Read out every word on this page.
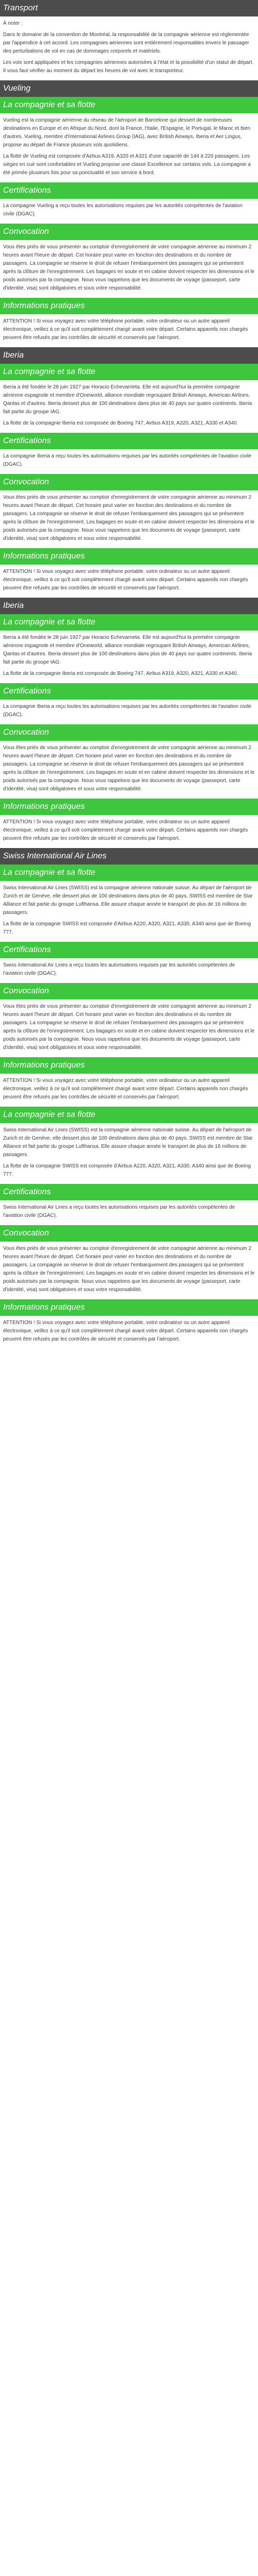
Transport

À noter :

Dans le domaine de la convention de Montréal, la responsabilité de la compagnie aérienne est réglementée par l'appendice à cet accord. Les compagnies aériennes sont entièrement responsables envers le passager des perturbations de vol en cas de dommages corporels et matériels.

Les voix sont appliquées et les compagnies aériennes autorisées à l'état et la possibilité d'un statut de départ. Il vous faut vérifier au moment du départ les heures de vol avec le transporteur.

Vueling
La compagnie et sa flotte

Vueling est la compagnie aérienne du réseau de l'aéroport de Barcelone qui dessert de nombreuses destinations en Europe et en Afrique du Nord, dont la France, l'Italie, l'Espagne, le Portugal, le Maroc et bien d'autres. Vueling, membre d'International Airlines Group (IAG), avec British Airways, Iberia et Aer Lingus, propose au départ de France plusieurs vols quotidiens.

La flotte de Vueling est composée d'Airbus A319, A320 et A321 d'une capacité de 144 à 220 passagers. Les sièges en cuir sont confortables et Vueling propose une classe Excellence sur certains vols. La compagnie a été primée plusieurs fois pour sa ponctualité et son service à bord.

Certifications

La compagnie Vueling a reçu toutes les autorisations requises par les autorités compétentes de l'aviation civile (DGAC).

Convocation

Vous êtes priés de vous présenter au comptoir d'enregistrement de votre compagnie aérienne au minimum 2 heures avant l'heure de départ. Cet horaire peut varier en fonction des destinations et du nombre de passagers. La compagnie se réserve le droit de refuser l'embarquement des passagers qui se présentent après la clôture de l'enregistrement. Les bagages en soute et en cabine doivent respecter les dimensions et le poids autorisés par la compagnie. Nous vous rappelons que les documents de voyage (passeport, carte d'identité, visa) sont obligatoires et sous votre responsabilité.

Informations pratiques

ATTENTION ! Si vous voyagez avec votre téléphone portable, votre ordinateur ou un autre appareil électronique, veillez à ce qu'il soit complètement chargé avant votre départ. Certains appareils non chargés peuvent être refusés par les contrôles de sécurité et conservés par l'aéroport.

Iberia
La compagnie et sa flotte

Iberia a été fondée le 28 juin 1927 par Horacio Echevarrieta. Elle est aujourd'hui la première compagnie aérienne espagnole et membre d'Oneworld, alliance mondiale regroupant British Airways, American Airlines, Qantas et d'autres. Iberia dessert plus de 100 destinations dans plus de 40 pays sur quatre continents. Iberia fait partie du groupe IAG.

La flotte de la compagnie Iberia est composée de Boeing 747, Airbus A319, A320, A321, A330 et A340.

Certifications

La compagnie Iberia a reçu toutes les autorisations requises par les autorités compétentes de l'aviation civile (DGAC).

Convocation

Vous êtes priés de vous présenter au comptoir d'enregistrement de votre compagnie aérienne au minimum 2 heures avant l'heure de départ. Cet horaire peut varier en fonction des destinations et du nombre de passagers. La compagnie se réserve le droit de refuser l'embarquement des passagers qui se présentent après la clôture de l'enregistrement. Les bagages en soute et en cabine doivent respecter les dimensions et le poids autorisés par la compagnie. Nous vous rappelons que les documents de voyage (passeport, carte d'identité, visa) sont obligatoires et sous votre responsabilité.

Informations pratiques

ATTENTION ! Si vous voyagez avec votre téléphone portable, votre ordinateur ou un autre appareil électronique, veillez à ce qu'il soit complètement chargé avant votre départ. Certains appareils non chargés peuvent être refusés par les contrôles de sécurité et conservés par l'aéroport.

Iberia
La compagnie et sa flotte

Iberia a été fondée le 28 juin 1927 par Horacio Echevarrieta. Elle est aujourd'hui la première compagnie aérienne espagnole et membre d'Oneworld, alliance mondiale regroupant British Airways, American Airlines, Qantas et d'autres. Iberia dessert plus de 100 destinations dans plus de 40 pays sur quatre continents. Iberia fait partie du groupe IAG.

La flotte de la compagnie Iberia est composée de Boeing 747, Airbus A319, A320, A321, A330 et A340.

Certifications

La compagnie Iberia a reçu toutes les autorisations requises par les autorités compétentes de l'aviation civile (DGAC).

Convocation

Vous êtes priés de vous présenter au comptoir d'enregistrement de votre compagnie aérienne au minimum 2 heures avant l'heure de départ. Cet horaire peut varier en fonction des destinations et du nombre de passagers. La compagnie se réserve le droit de refuser l'embarquement des passagers qui se présentent après la clôture de l'enregistrement. Les bagages en soute et en cabine doivent respecter les dimensions et le poids autorisés par la compagnie. Nous vous rappelons que les documents de voyage (passeport, carte d'identité, visa) sont obligatoires et sous votre responsabilité.

Informations pratiques

ATTENTION ! Si vous voyagez avec votre téléphone portable, votre ordinateur ou un autre appareil électronique, veillez à ce qu'il soit complètement chargé avant votre départ. Certains appareils non chargés peuvent être refusés par les contrôles de sécurité et conservés par l'aéroport.

Swiss International Air Lines
La compagnie et sa flotte

Swiss International Air Lines (SWISS) est la compagnie aérienne nationale suisse. Au départ de l'aéroport de Zurich et de Genève, elle dessert plus de 100 destinations dans plus de 40 pays. SWISS est membre de Star Alliance et fait partie du groupe Lufthansa. Elle assure chaque année le transport de plus de 16 millions de passagers.

La flotte de la compagnie SWISS est composée d'Airbus A220, A320, A321, A330, A340 ainsi que de Boeing 777.

Certifications

Swiss International Air Lines a reçu toutes les autorisations requises par les autorités compétentes de l'aviation civile (DGAC).

Convocation

Vous êtes priés de vous présenter au comptoir d'enregistrement de votre compagnie aérienne au minimum 2 heures avant l'heure de départ. Cet horaire peut varier en fonction des destinations et du nombre de passagers. La compagnie se réserve le droit de refuser l'embarquement des passagers qui se présentent après la clôture de l'enregistrement. Les bagages en soute et en cabine doivent respecter les dimensions et le poids autorisés par la compagnie. Nous vous rappelons que les documents de voyage (passeport, carte d'identité, visa) sont obligatoires et sous votre responsabilité.

Informations pratiques

ATTENTION ! Si vous voyagez avec votre téléphone portable, votre ordinateur ou un autre appareil électronique, veillez à ce qu'il soit complètement chargé avant votre départ. Certains appareils non chargés peuvent être refusés par les contrôles de sécurité et conservés par l'aéroport.

La compagnie et sa flotte

Swiss International Air Lines (SWISS) est la compagnie aérienne nationale suisse. Au départ de l'aéroport de Zurich et de Genève, elle dessert plus de 100 destinations dans plus de 40 pays. SWISS est membre de Star Alliance et fait partie du groupe Lufthansa. Elle assure chaque année le transport de plus de 16 millions de passagers.

La flotte de la compagnie SWISS est composée d'Airbus A220, A320, A321, A330, A340 ainsi que de Boeing 777.

Certifications

Swiss International Air Lines a reçu toutes les autorisations requises par les autorités compétentes de l'aviation civile (DGAC).

Convocation

Vous êtes priés de vous présenter au comptoir d'enregistrement de votre compagnie aérienne au minimum 2 heures avant l'heure de départ. Cet horaire peut varier en fonction des destinations et du nombre de passagers. La compagnie se réserve le droit de refuser l'embarquement des passagers qui se présentent après la clôture de l'enregistrement. Les bagages en soute et en cabine doivent respecter les dimensions et le poids autorisés par la compagnie. Nous vous rappelons que les documents de voyage (passeport, carte d'identité, visa) sont obligatoires et sous votre responsabilité.

Informations pratiques

ATTENTION ! Si vous voyagez avec votre téléphone portable, votre ordinateur ou un autre appareil électronique, veillez à ce qu'il soit complètement chargé avant votre départ. Certains appareils non chargés peuvent être refusés par les contrôles de sécurité et conservés par l'aéroport.
